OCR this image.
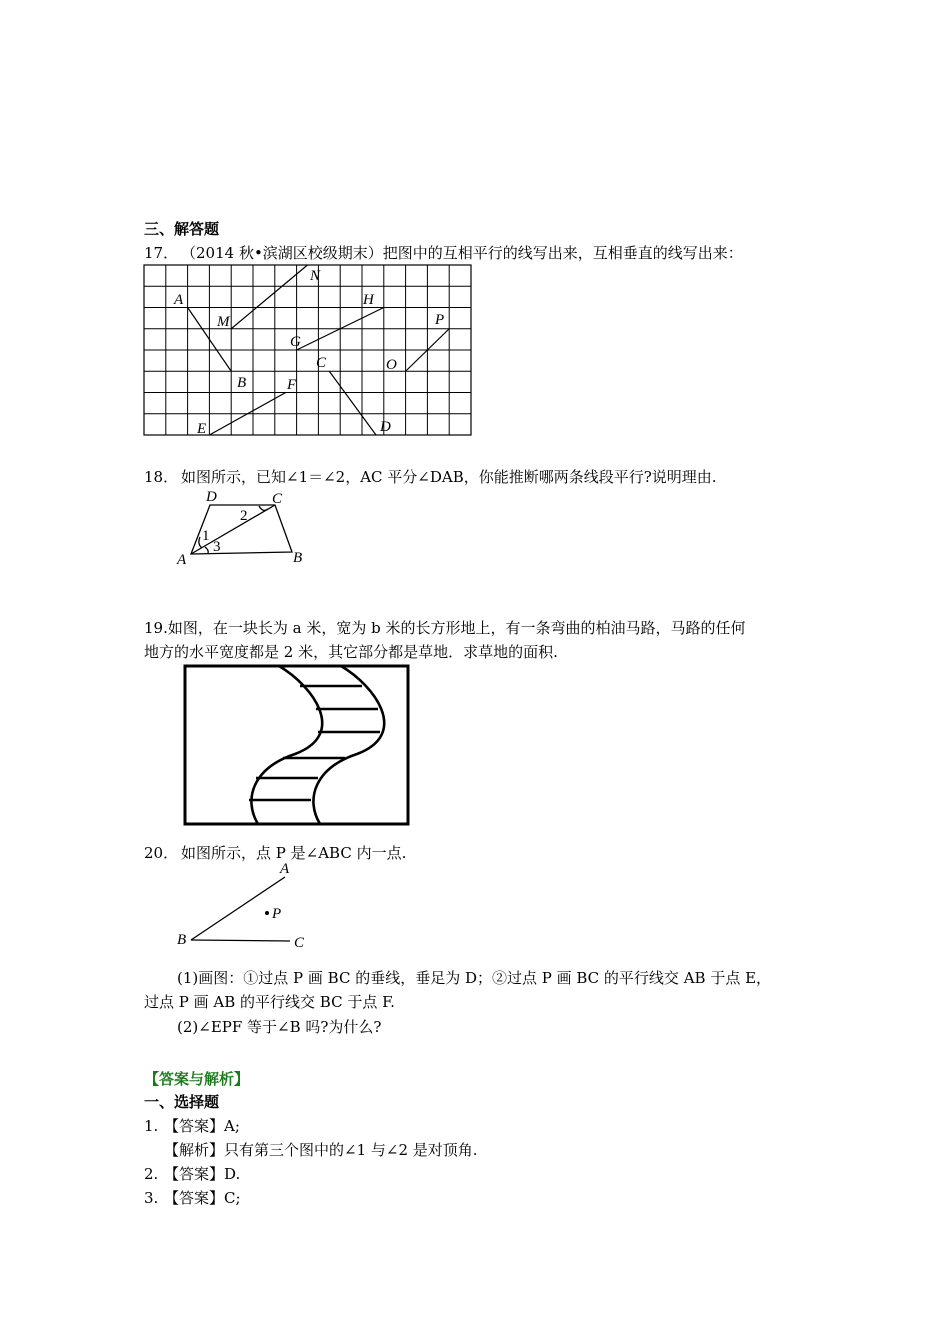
三、解答题
17． （2014 秋•滨湖区校级期末）把图中的互相平行的线写出来，互相垂直的线写出来：
A
B
M
N
G
H
C
D
O
P
E
F
18． 如图所示，已知∠1＝∠2，AC 平分∠DAB，你能推断哪两条线段平行?说明理由.
D	C
A	B
1
2
3
19.如图，在一块长为 a 米，宽为 b 米的长方形地上，有一条弯曲的柏油马路，马路的任何
地方的水平宽度都是 2 米，其它部分都是草地．求草地的面积.
20． 如图所示，点 P 是∠ABC 内一点.
A
P
B	C
(1)画图：①过点 P 画 BC 的垂线，垂足为 D；②过点 P 画 BC 的平行线交 AB 于点 E，
过点 P 画 AB 的平行线交 BC 于点 F.
(2)∠EPF 等于∠B 吗?为什么?
【答案与解析】
一、选择题
1. 【答案】A;
【解析】只有第三个图中的∠1 与∠2 是对顶角.
2. 【答案】D.
3. 【答案】C;
